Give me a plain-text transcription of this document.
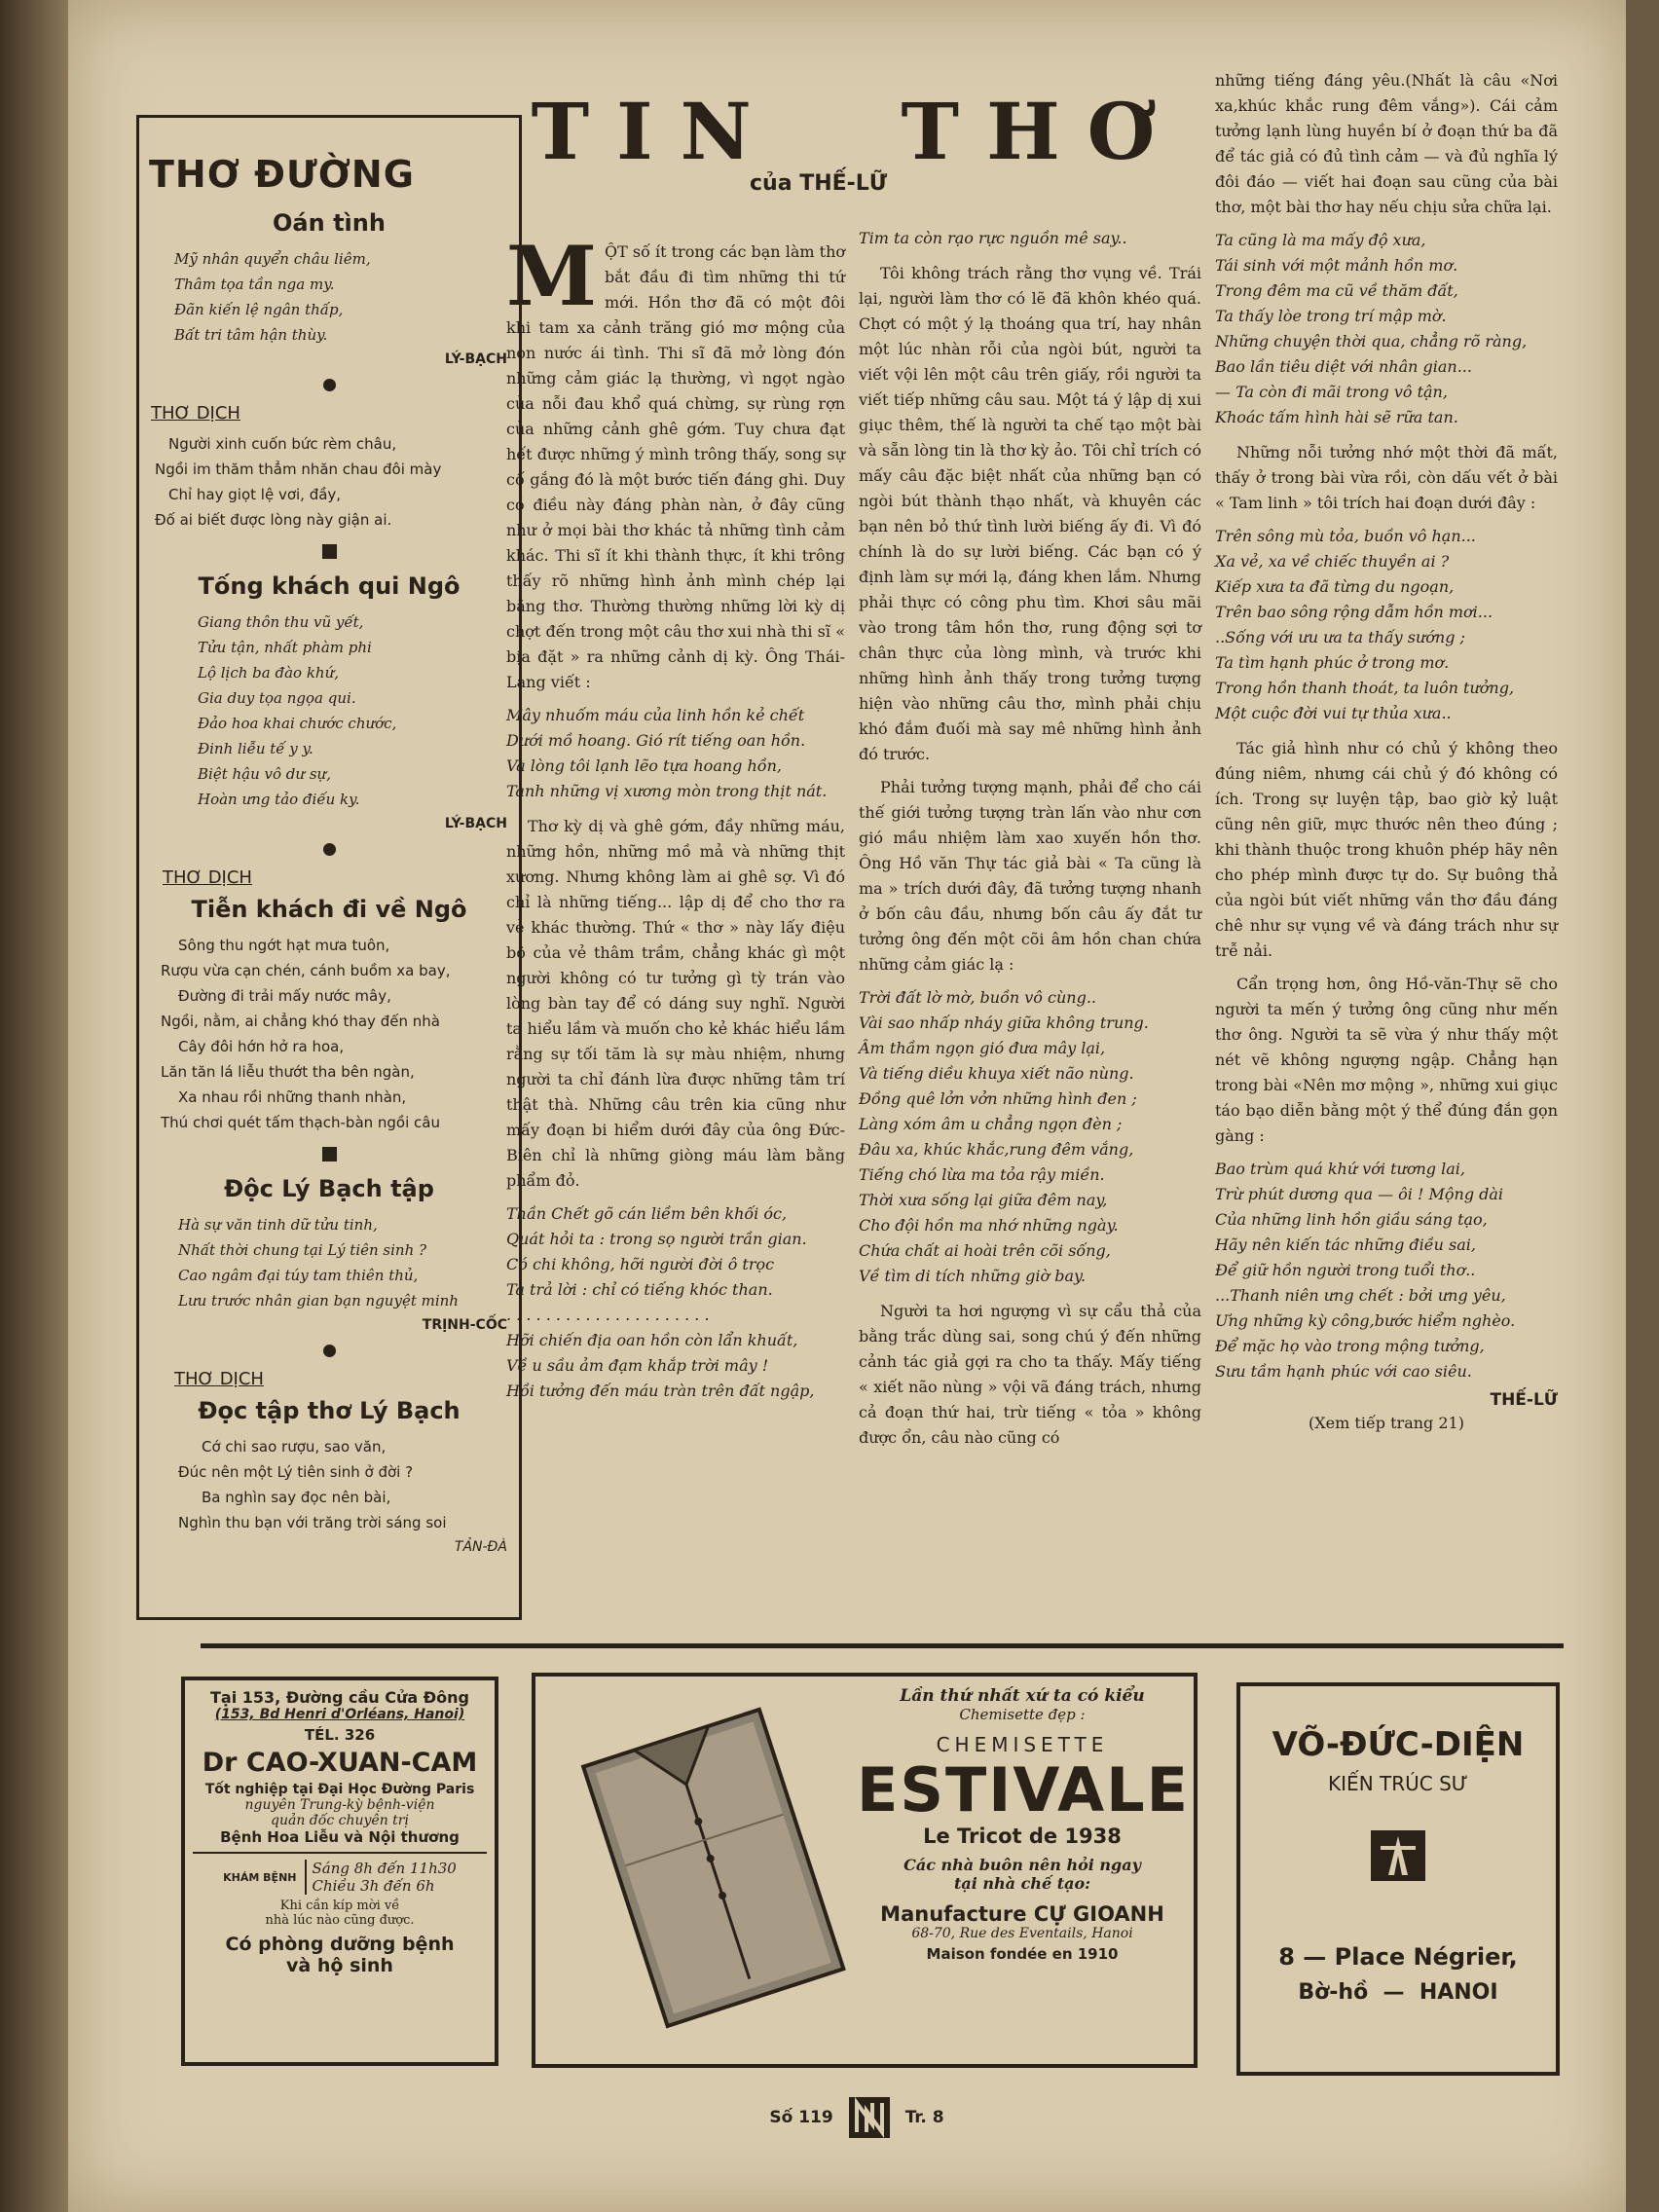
THƠ ĐƯỜNG
Oán tình

Mỹ nhân quyển châu liêm,

Thâm tọa tần nga my.

Đãn kiến lệ ngân thấp,

Bất tri tâm hận thùy.

LÝ-BẠCH
THƠ DỊCH

Người xinh cuốn bức rèm châu,

Ngồi im thăm thẳm nhăn chau đôi mày

Chỉ hay giọt lệ vơi, đầy,

Đố ai biết được lòng này giận ai.

Tống khách qui Ngô

Giang thôn thu vũ yết,

Tửu tận, nhất phàm phi

Lộ lịch ba đào khứ,

Gia duy tọa ngọa qui.

Đảo hoa khai chước chước,

Đinh liễu tế y y.

Biệt hậu vô dư sự,

Hoàn ưng tảo điếu ky.

LÝ-BẠCH
THƠ DỊCH
Tiễn khách đi về Ngô

Sông thu ngớt hạt mưa tuôn,

Rượu vừa cạn chén, cánh buồm xa bay,

Đường đi trải mấy nước mây,

Ngồi, nằm, ai chẳng khó thay đến nhà

Cây đôi hớn hở ra hoa,

Lăn tăn lá liễu thướt tha bên ngàn,

Xa nhau rồi những thanh nhàn,

Thú chơi quét tấm thạch-bàn ngồi câu

Độc Lý Bạch tập

Hà sự văn tinh dữ tửu tinh,

Nhất thời chung tại Lý tiên sinh ?

Cao ngâm đại túy tam thiên thủ,

Lưu trước nhân gian bạn nguyệt minh

TRỊNH-CỐC
THƠ DỊCH
Đọc tập thơ Lý Bạch

Cớ chi sao rượu, sao văn,

Đúc nên một Lý tiên sinh ở đời ?

Ba nghìn say đọc nên bài,

Nghìn thu bạn với trăng trời sáng soi

TẢN-ĐÀ
TIN THƠ
của THẾ-LỮ
M ỘT số ít trong các bạn làm thơ bắt đầu đi tìm những thi tứ mới. Hồn thơ đã có một đôi khi tam xa cảnh trăng gió mơ mộng của non nước ái tình. Thi sĩ đã mở lòng đón những cảm giác lạ thường, vì ngọt ngào của nỗi đau khổ quá chừng, sự rùng rợn của những cảnh ghê gớm. Tuy chưa đạt hết được những ý mình trông thấy, song sự cố gắng đó là một bước tiến đáng ghi. Duy có điều này đáng phàn nàn, ở đây cũng như ở mọi bài thơ khác tả những tình cảm khác. Thi sĩ ít khi thành thực, ít khi trông thấy rõ những hình ảnh mình chép lại bằng thơ. Thường thường những lời kỳ dị chợt đến trong một câu thơ xui nhà thi sĩ « bịa đặt » ra những cảnh dị kỳ. Ông Thái-Lang viết :

Mây nhuốm máu của linh hồn kẻ chết

Dưới mồ hoang. Gió rít tiếng oan hồn.

Và lòng tôi lạnh lẽo tựa hoang hồn,

Tanh những vị xương mòn trong thịt nát.

Thơ kỳ dị và ghê gớm, đầy những máu, những hồn, những mồ mả và những thịt xương. Nhưng không làm ai ghê sợ. Vì đó chỉ là những tiếng... lập dị để cho thơ ra vẻ khác thường. Thứ « thơ » này lấy điệu bộ của vẻ thâm trầm, chẳng khác gì một người không có tư tưởng gì tỳ trán vào lòng bàn tay để có dáng suy nghĩ. Người ta hiểu lầm và muốn cho kẻ khác hiểu lầm rằng sự tối tăm là sự màu nhiệm, nhưng người ta chỉ đánh lừa được những tâm trí thật thà. Những câu trên kia cũng như mấy đoạn bi hiểm dưới đây của ông Đức-Biên chỉ là những giòng máu làm bằng phẩm đỏ.

Thần Chết gõ cán liềm bên khối óc,

Quát hỏi ta : trong sọ người trần gian.

Có chi không, hỡi người đời ô trọc

Ta trả lời : chỉ có tiếng khóc than.

. . . . . . . . . . . . . . . . . . . . .

Hỡi chiến địa oan hồn còn lẩn khuất,

Về u sầu ảm đạm khắp trời mây !

Hồi tưởng đến máu tràn trên đất ngập,

Tim ta còn rạo rực nguồn mê say..

Tôi không trách rằng thơ vụng về. Trái lại, người làm thơ có lẽ đã khôn khéo quá. Chợt có một ý lạ thoáng qua trí, hay nhân một lúc nhàn rỗi của ngòi bút, người ta viết vội lên một câu trên giấy, rồi người ta viết tiếp những câu sau. Một tá ý lập dị xui giục thêm, thế là người ta chế tạo một bài và sẵn lòng tin là thơ kỳ ảo. Tôi chỉ trích có mấy câu đặc biệt nhất của những bạn có ngòi bút thành thạo nhất, và khuyên các bạn nên bỏ thứ tình lười biếng ấy đi. Vì đó chính là do sự lười biếng. Các bạn có ý định làm sự mới lạ, đáng khen lắm. Nhưng phải thực có công phu tìm. Khơi sâu mãi vào trong tâm hồn thơ, rung động sợi tơ chân thực của lòng mình, và trước khi những hình ảnh thấy trong tưởng tượng hiện vào những câu thơ, mình phải chịu khó đắm đuối mà say mê những hình ảnh đó trước.

Phải tưởng tượng mạnh, phải để cho cái thế giới tưởng tượng tràn lấn vào như cơn gió mầu nhiệm làm xao xuyến hồn thơ. Ông Hồ văn Thự tác giả bài « Ta cũng là ma » trích dưới đây, đã tưởng tượng nhanh ở bốn câu đầu, nhưng bốn câu ấy đắt tư tưởng ông đến một cõi âm hồn chan chứa những cảm giác lạ :

Trời đất lờ mờ, buồn vô cùng..

Vài sao nhấp nháy giữa không trung.

Âm thầm ngọn gió đưa mây lại,

Và tiếng diều khuya xiết não nùng.

Đồng quê lởn vởn những hình đen ;

Làng xóm âm u chẳng ngọn đèn ;

Đâu xa, khúc khắc,rung đêm vắng,

Tiếng chó lừa ma tỏa rậy miền.

Thời xưa sống lại giữa đêm nay,

Cho đội hồn ma nhớ những ngày.

Chứa chất ai hoài trên cõi sống,

Về tìm di tích những giờ bay.

Người ta hơi ngượng vì sự cẩu thả của bằng trắc dùng sai, song chú ý đến những cảnh tác giả gợi ra cho ta thấy. Mấy tiếng « xiết não nùng » vội vã đáng trách, nhưng cả đoạn thứ hai, trừ tiếng « tỏa » không được ổn, câu nào cũng có

những tiếng đáng yêu.(Nhất là câu «Nơi xa,khúc khắc rung đêm vắng»). Cái cảm tưởng lạnh lùng huyền bí ở đoạn thứ ba đã để tác giả có đủ tình cảm — và đủ nghĩa lý đôi đáo — viết hai đoạn sau cũng của bài thơ, một bài thơ hay nếu chịu sửa chữa lại.

Ta cũng là ma mấy độ xưa,

Tái sinh với một mảnh hồn mơ.

Trong đêm ma cũ về thăm đất,

Ta thấy lòe trong trí mập mờ.

Những chuyện thời qua, chẳng rõ ràng,

Bao lần tiêu diệt với nhân gian...

— Ta còn đi mãi trong vô tận,

Khoác tấm hình hài sẽ rữa tan.

Những nỗi tưởng nhớ một thời đã mất, thấy ở trong bài vừa rồi, còn dấu vết ở bài « Tam linh » tôi trích hai đoạn dưới đây :

Trên sông mù tỏa, buồn vô hạn...

Xa vẻ, xa về chiếc thuyền ai ?

Kiếp xưa ta đã từng du ngoạn,

Trên bao sông rộng dẫm hồn mơi...

..Sống với ưu ưa ta thấy sướng ;

Ta tìm hạnh phúc ở trong mơ.

Trong hồn thanh thoát, ta luôn tưởng,

Một cuộc đời vui tự thủa xưa..

Tác giả hình như có chủ ý không theo đúng niêm, nhưng cái chủ ý đó không có ích. Trong sự luyện tập, bao giờ kỷ luật cũng nên giữ, mực thước nên theo đúng ; khi thành thuộc trong khuôn phép hãy nên cho phép mình được tự do. Sự buông thả của ngòi bút viết những vần thơ đầu đáng chê như sự vụng về và đáng trách như sự trễ nải.

Cẩn trọng hơn, ông Hồ-văn-Thự sẽ cho người ta mến ý tưởng ông cũng như mến thơ ông. Người ta sẽ vừa ý như thấy một nét vẽ không ngượng ngập. Chẳng hạn trong bài «Nên mơ mộng », những xui giục táo bạo diễn bằng một ý thể đúng đắn gọn gàng :

Bao trùm quá khứ với tương lai,

Trừ phút dương qua — ôi ! Mộng dài

Của những linh hồn giầu sáng tạo,

Hãy nên kiến tác những điều sai,

Để giữ hồn người trong tuổi thơ..

...Thanh niên ưng chết : bởi ưng yêu,

Ưng những kỳ công,bước hiểm nghèo.

Để mặc họ vào trong mộng tưởng,

Sưu tầm hạnh phúc với cao siêu.

THẾ-LỮ
(Xem tiếp trang 21)
Tại 153, Đường cầu Cửa Đông
(153, Bd Henri d'Orléans, Hanoi)
TÉL. 326
Dr CAO-XUAN-CAM
Tốt nghiệp tại Đại Học Đường Paris
nguyên Trung-kỳ bệnh-viện
quản đốc chuyên trị
Bệnh Hoa Liễu và Nội thương
KHÁM BỆNH Sáng 8h đến 11h30
Chiều 3h đến 6h
Khi cần kíp mời về
nhà lúc nào cũng được.
Có phòng dưỡng bệnh
và hộ sinh
Lần thứ nhất xứ ta có kiểu
Chemisette đẹp :
CHEMISETTE
ESTIVALE
Le Tricot de 1938
Các nhà buôn nên hỏi ngay
tại nhà chế tạo:
Manufacture CỰ GIOANH
68-70, Rue des Eventails, Hanoi
Maison fondée en 1910
VÕ-ĐỨC-DIỆN
KIẾN TRÚC SƯ
8 — Place Négrier,
Bờ-hồ  —  HANOI
Số 119	Tr. 8
